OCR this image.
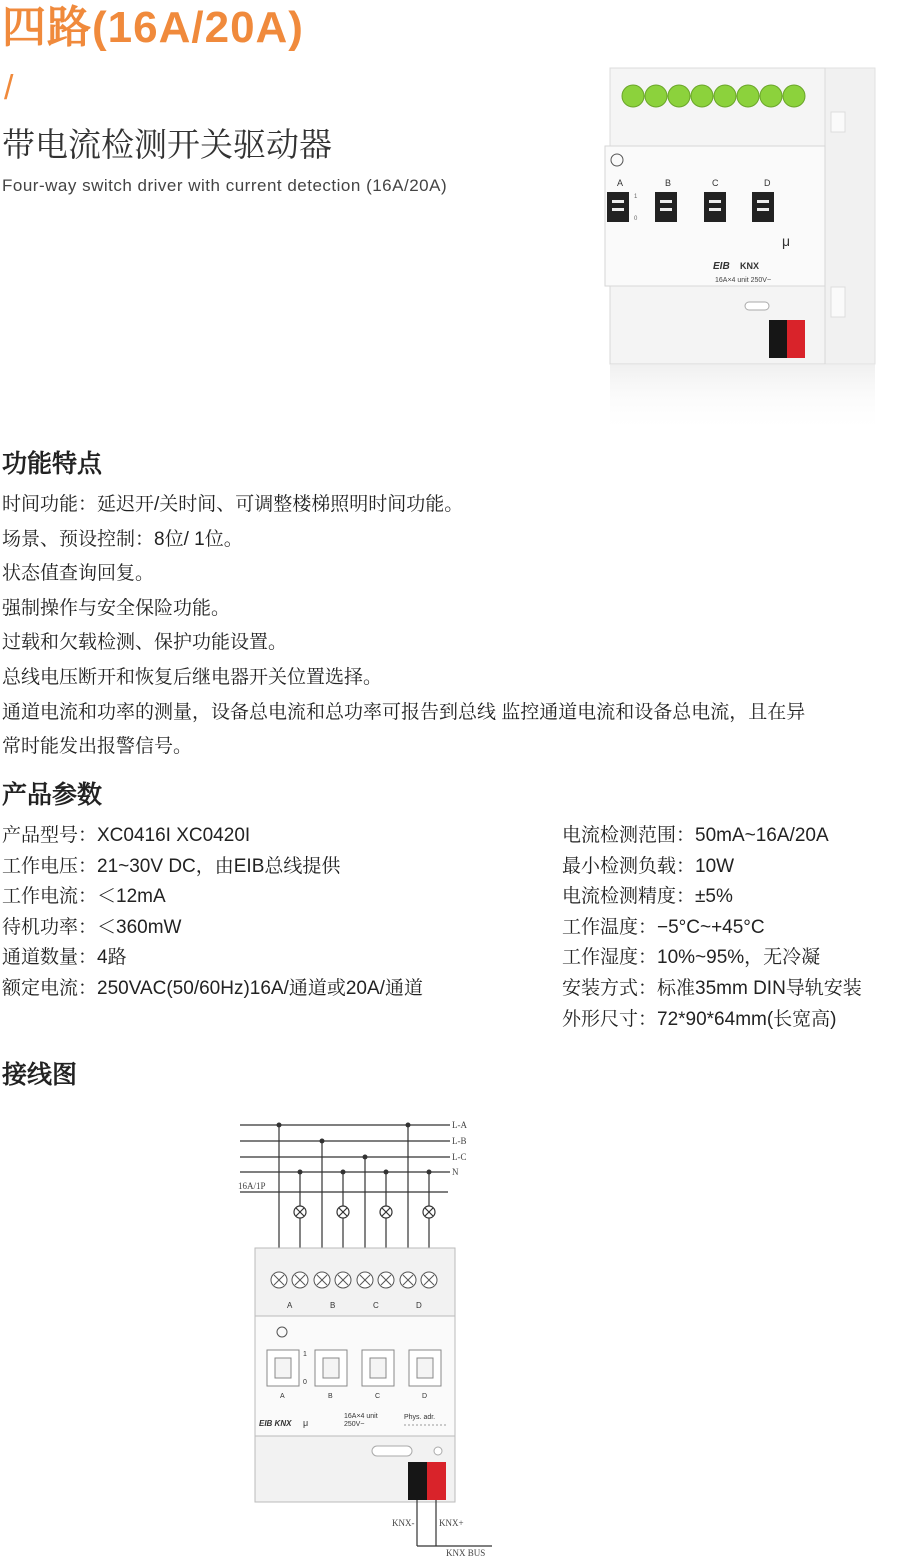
四路(16A/20A)
/
带电流检测开关驱动器
Four-way switch driver with current detection (16A/20A)	A	B	C	D
1
0
μ
EIB KNX
16A×4 unit 250V~
功能特点
时间功能：延迟开/关时间、可调整楼梯照明时间功能。
场景、预设控制：8位/ 1位。
状态值查询回复。
强制操作与安全保险功能。
过载和欠载检测、保护功能设置。
总线电压断开和恢复后继电器开关位置选择。
通道电流和功率的测量，设备总电流和总功率可报告到总线 监控通道电流和设备总电流，且在异
常时能发出报警信号。
产品参数
产品型号：XC0416I XC0420I
工作电压：21~30V DC，由EIB总线提供
工作电流：＜12mA
待机功率：＜360mW
通道数量：4路
额定电流：250VAC(50/60Hz)16A/通道或20A/通道
电流检测范围：50mA~16A/20A
最小检测负载：10W
电流检测精度：±5%
工作温度：−5°C~+45°C
工作湿度：10%~95%，无冷凝
安装方式：标准35mm DIN导轨安装
外形尺寸：72*90*64mm(长宽高)
接线图
L-A
L-B
L-C
N
16A/1P
A	B	C	D
1
0
A	B	C	D
16A×4 unit
250V~
Phys. adr.
EIB KNX μ
KNX-	KNX+
KNX BUS
